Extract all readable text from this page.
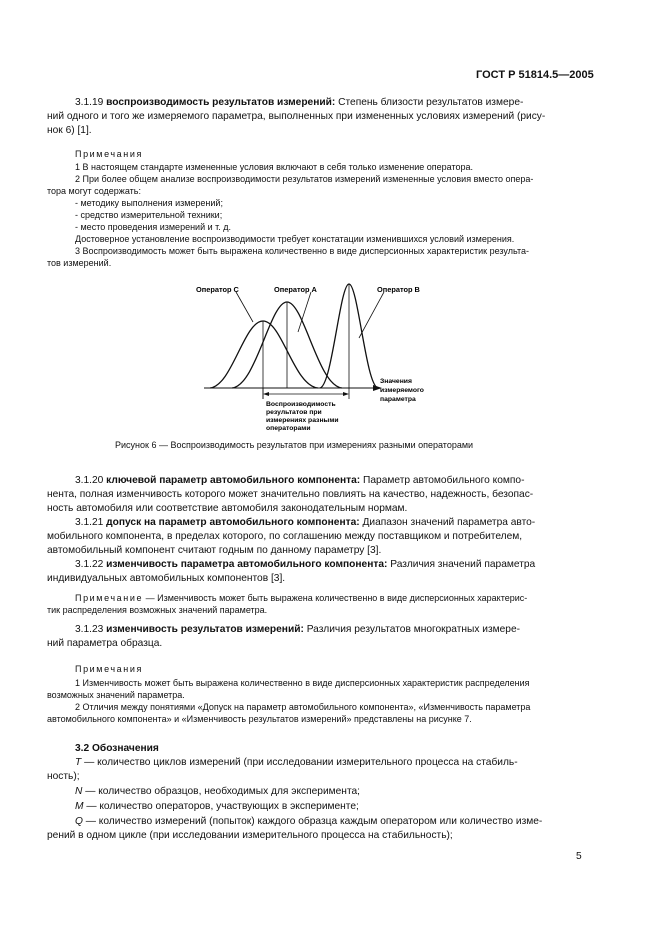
ГОСТ Р 51814.5—2005
3.1.19 воспроизводимость результатов измерений: Степень близости результатов измере-
ний одного и того же измеряемого параметра, выполненных при измененных условиях измерений (рису-
нок 6) [1].
Примечания
1 В настоящем стандарте измененные условия включают в себя только изменение оператора.
2 При более общем анализе воспроизводимости результатов измерений измененные условия вместо опера-
тора могут содержать:
- методику выполнения измерений;
- средство измерительной техники;
- место проведения измерений и т. д.
Достоверное установление воспроизводимости требует констатации изменившихся условий измерения.
3 Воспроизводимость может быть выражена количественно в виде дисперсионных характеристик результа-
тов измерений.
Оператор C	Оператор A	Оператор B
Значения
измеряемого
параметра
Воспроизводимость
результатов при
измерениях разными
операторами
Рисунок 6 — Воспроизводимость результатов при измерениях разными операторами
3.1.20 ключевой параметр автомобильного компонента: Параметр автомобильного компо-
нента, полная изменчивость которого может значительно повлиять на качество, надежность, безопас-
ность автомобиля или соответствие автомобиля законодательным нормам.
3.1.21 допуск на параметр автомобильного компонента: Диапазон значений параметра авто-
мобильного компонента, в пределах которого, по соглашению между поставщиком и потребителем,
автомобильный компонент считают годным по данному параметру [3].
3.1.22 изменчивость параметра автомобильного компонента: Различия значений параметра
индивидуальных автомобильных компонентов [3].
Примечание — Изменчивость может быть выражена количественно в виде дисперсионных характерис-
тик распределения возможных значений параметра.
3.1.23 изменчивость результатов измерений: Различия результатов многократных измере-
ний параметра образца.
Примечания
1 Изменчивость может быть выражена количественно в виде дисперсионных характеристик распределения
возможных значений параметра.
2 Отличия между понятиями «Допуск на параметр автомобильного компонента», «Изменчивость параметра
автомобильного компонента» и «Изменчивость результатов измерений» представлены на рисунке 7.
3.2 Обозначения
T — количество циклов измерений (при исследовании измерительного процесса на стабиль-
ность);
N — количество образцов, необходимых для эксперимента;
M — количество операторов, участвующих в эксперименте;
Q — количество измерений (попыток) каждого образца каждым оператором или количество изме-
рений в одном цикле (при исследовании измерительного процесса на стабильность);
5
